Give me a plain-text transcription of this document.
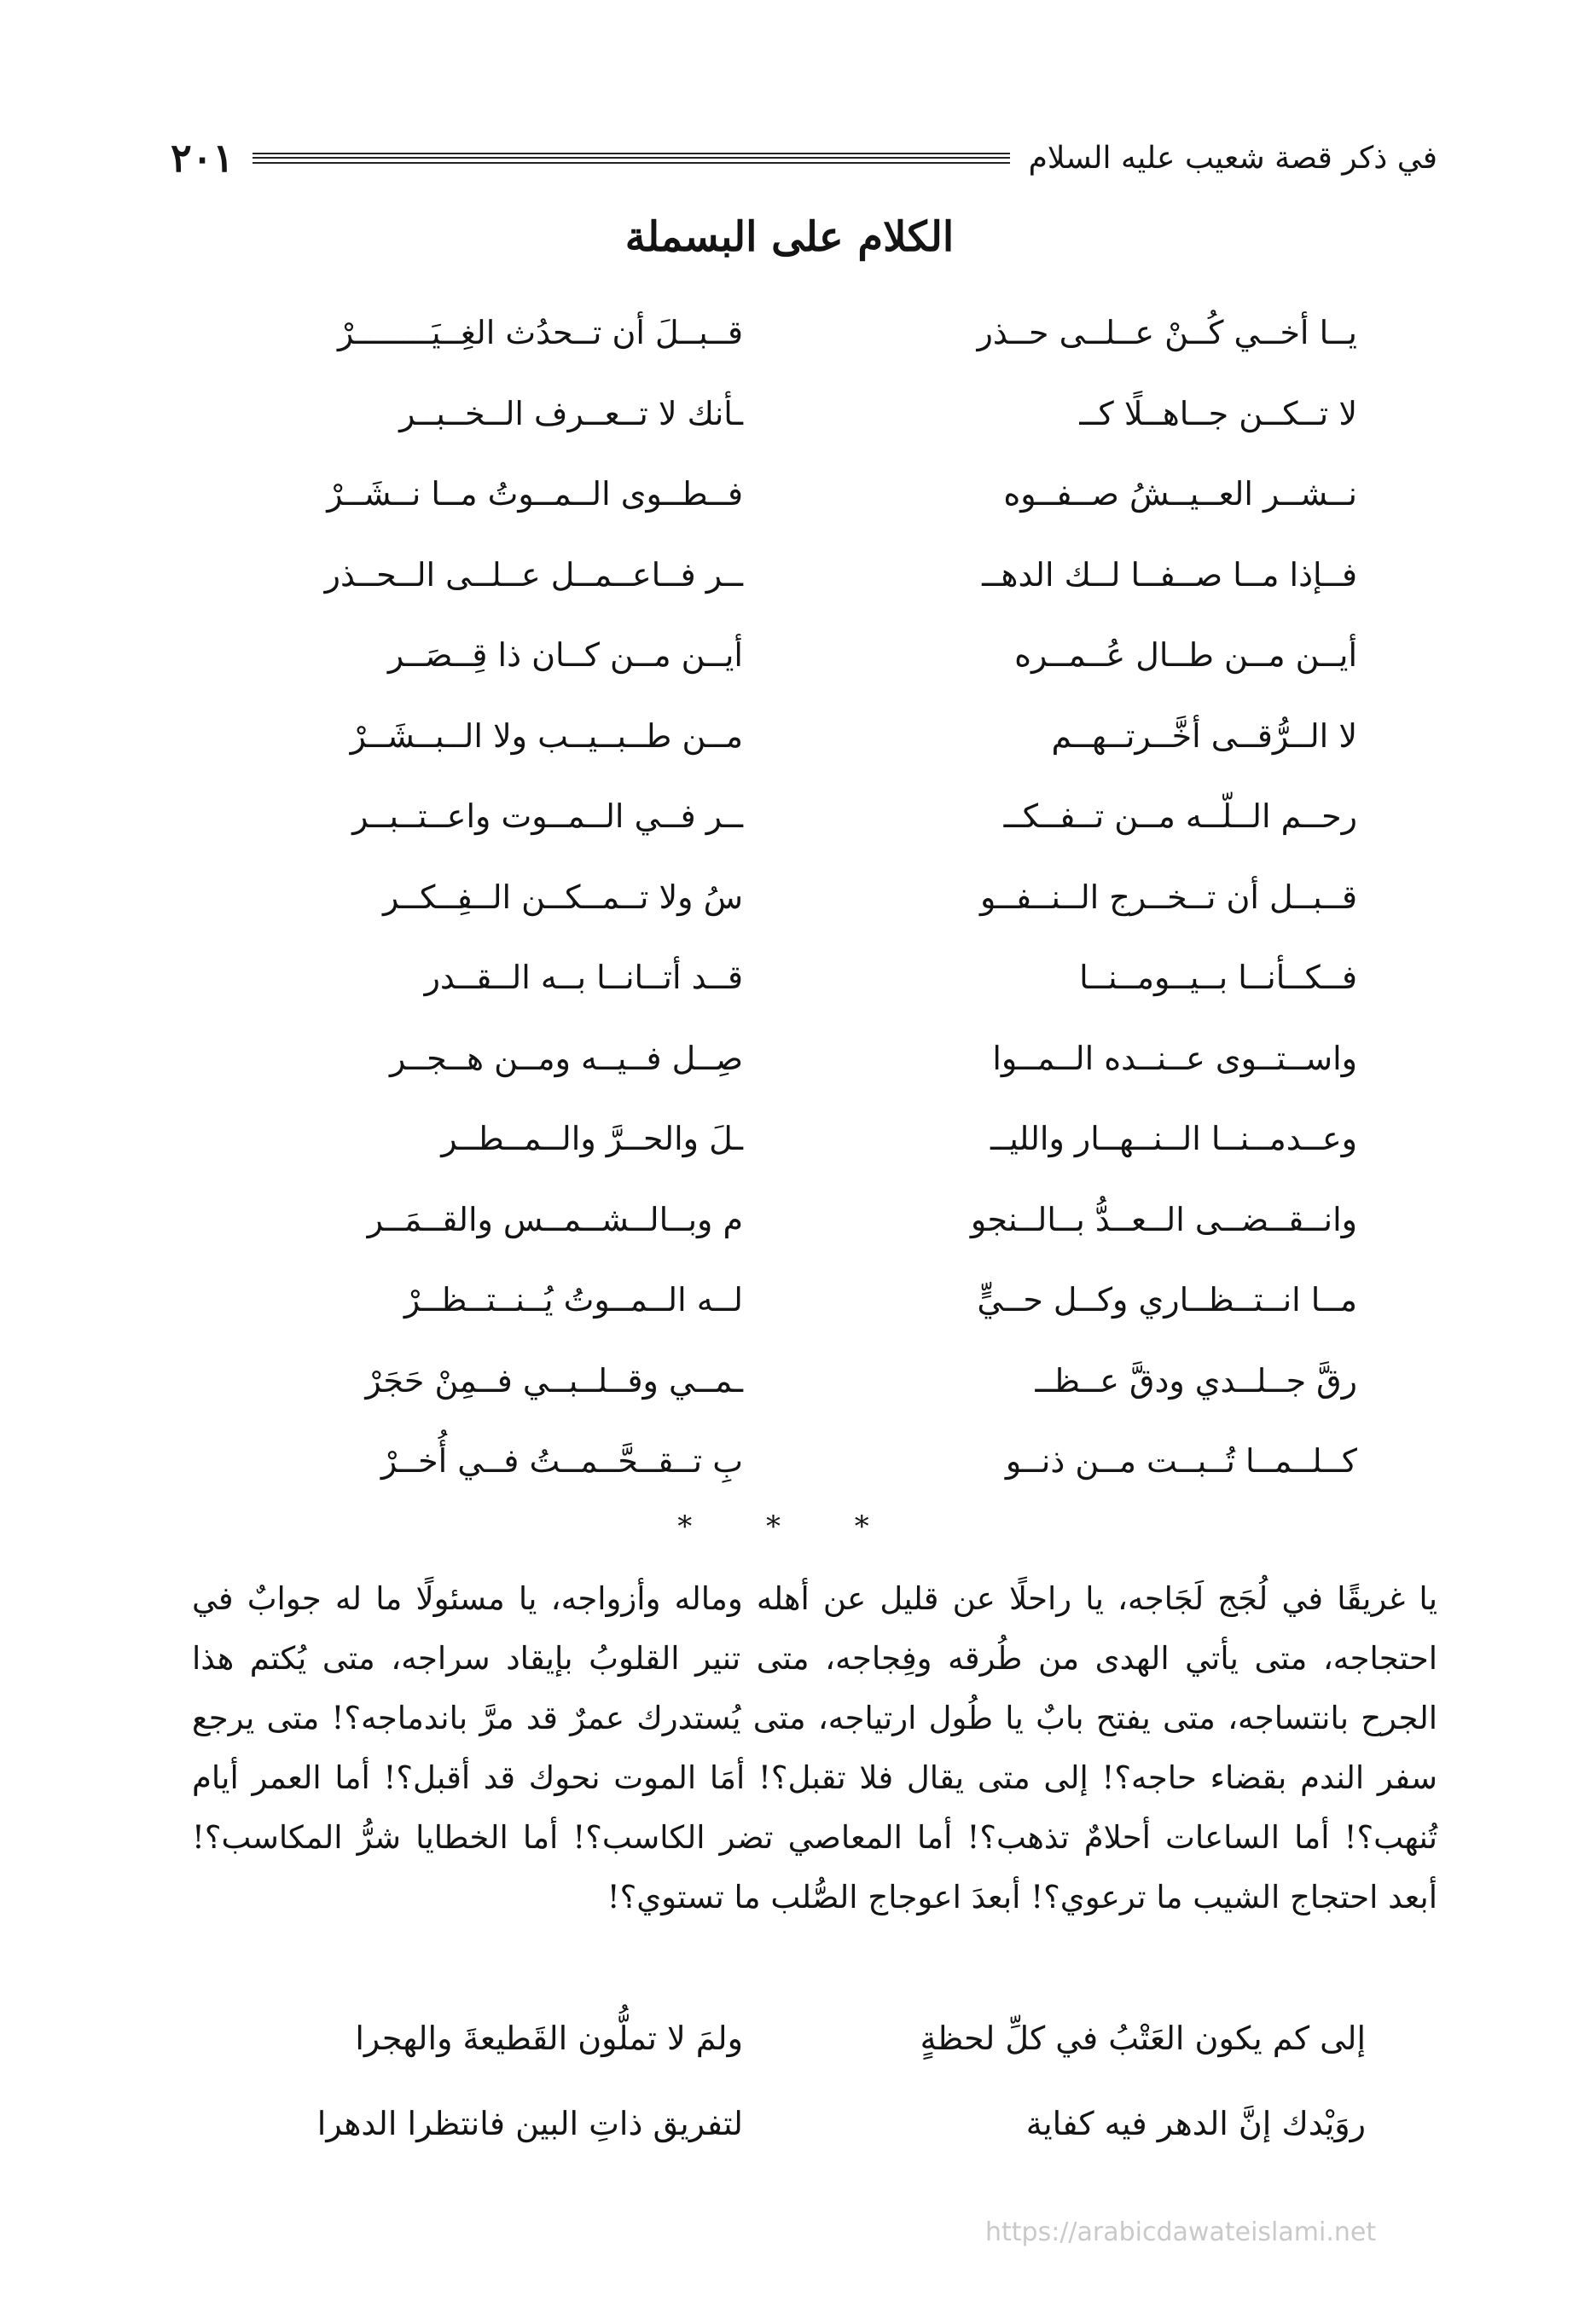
في ذكر قصة شعيب عليه السلام
٢٠١
الكلام على البسملة
يــا أخــي كُــنْ عــلــى حــذر
قــبــلَ أن تــحدُث الغِــيَــــــــرْ
لا تــكــن جــاهــلًا كــ
ـأنك لا تــعــرف الــخــبــر
نــشــر العــيــشُ صــفــوه
فــطــوى الــمــوتُ مــا نــشَــرْ
فــإذا مــا صــفــا لــك الدهــ
ــر فــاعــمــل عــلــى الــحــذر
أيــن مــن طــال عُــمــره
أيــن مــن كــان ذا قِــصَــر
لا الــرُّقــى أخَّــرتــهــم
مــن طــبــيــب ولا الــبــشَــرْ
رحــم الــلّــه مــن تــفــكــ
ــر فــي الــمــوت واعــتــبــر
قــبــل أن تــخــرج الــنــفــو
سُ ولا تــمــكــن الــفِــكــر
فــكــأنــا بــيــومــنــا
قــد أتــانــا بــه الــقــدر
واســتــوى عــنــده الــمــوا
صِــل فــيــه ومــن هــجــر
وعــدمــنــا الــنــهــار والليــ
ـلَ والحــرَّ والــمــطــر
وانــقــضــى الــعــدُّ بــالــنجو
م وبــالــشــمــس والقــمَــر
مــا انــتــظــاري وكــل حــيٍّ
لــه الــمــوتُ يُــنــتــظــرْ
رقَّ جــلــدي ودقَّ عــظــ
ـمــي وقــلــبــي فــمِنْ حَجَرْ
كــلــمــا تُــبــت مــن ذنــو
بِ تــقــحَّــمــتُ فــي أُخــرْ
* * *

يا غريقًا في لُجَج لَجَاجه، يا راحلًا عن قليل عن أهله وماله وأزواجه، يا مسئولًا ما له جوابٌ في احتجاجه، متى يأتي الهدى من طُرقه وفِجاجه، متى تنير القلوبُ بإيقاد سراجه، متى يُكتم هذا الجرح بانتساجه، متى يفتح بابٌ يا طُول ارتياجه، متى يُستدرك عمرٌ قد مرَّ باندماجه؟! متى يرجع سفر الندم بقضاء حاجه؟! إلى متى يقال فلا تقبل؟! أمَا الموت نحوك قد أقبل؟! أما العمر أيام تُنهب؟! أما الساعات أحلامٌ تذهب؟! أما المعاصي تضر الكاسب؟! أما الخطايا شرُّ المكاسب؟! أبعد احتجاج الشيب ما ترعوي؟! أبعدَ اعوجاج الصُّلب ما تستوي؟!

إلى كم يكون العَتْبُ في كلِّ لحظةٍ
ولمَ لا تملُّون القَطيعةَ والهجرا
روَيْدك إنَّ الدهر فيه كفاية
لتفريق ذاتِ البين فانتظرا الدهرا
https://arabicdawateislami.net
